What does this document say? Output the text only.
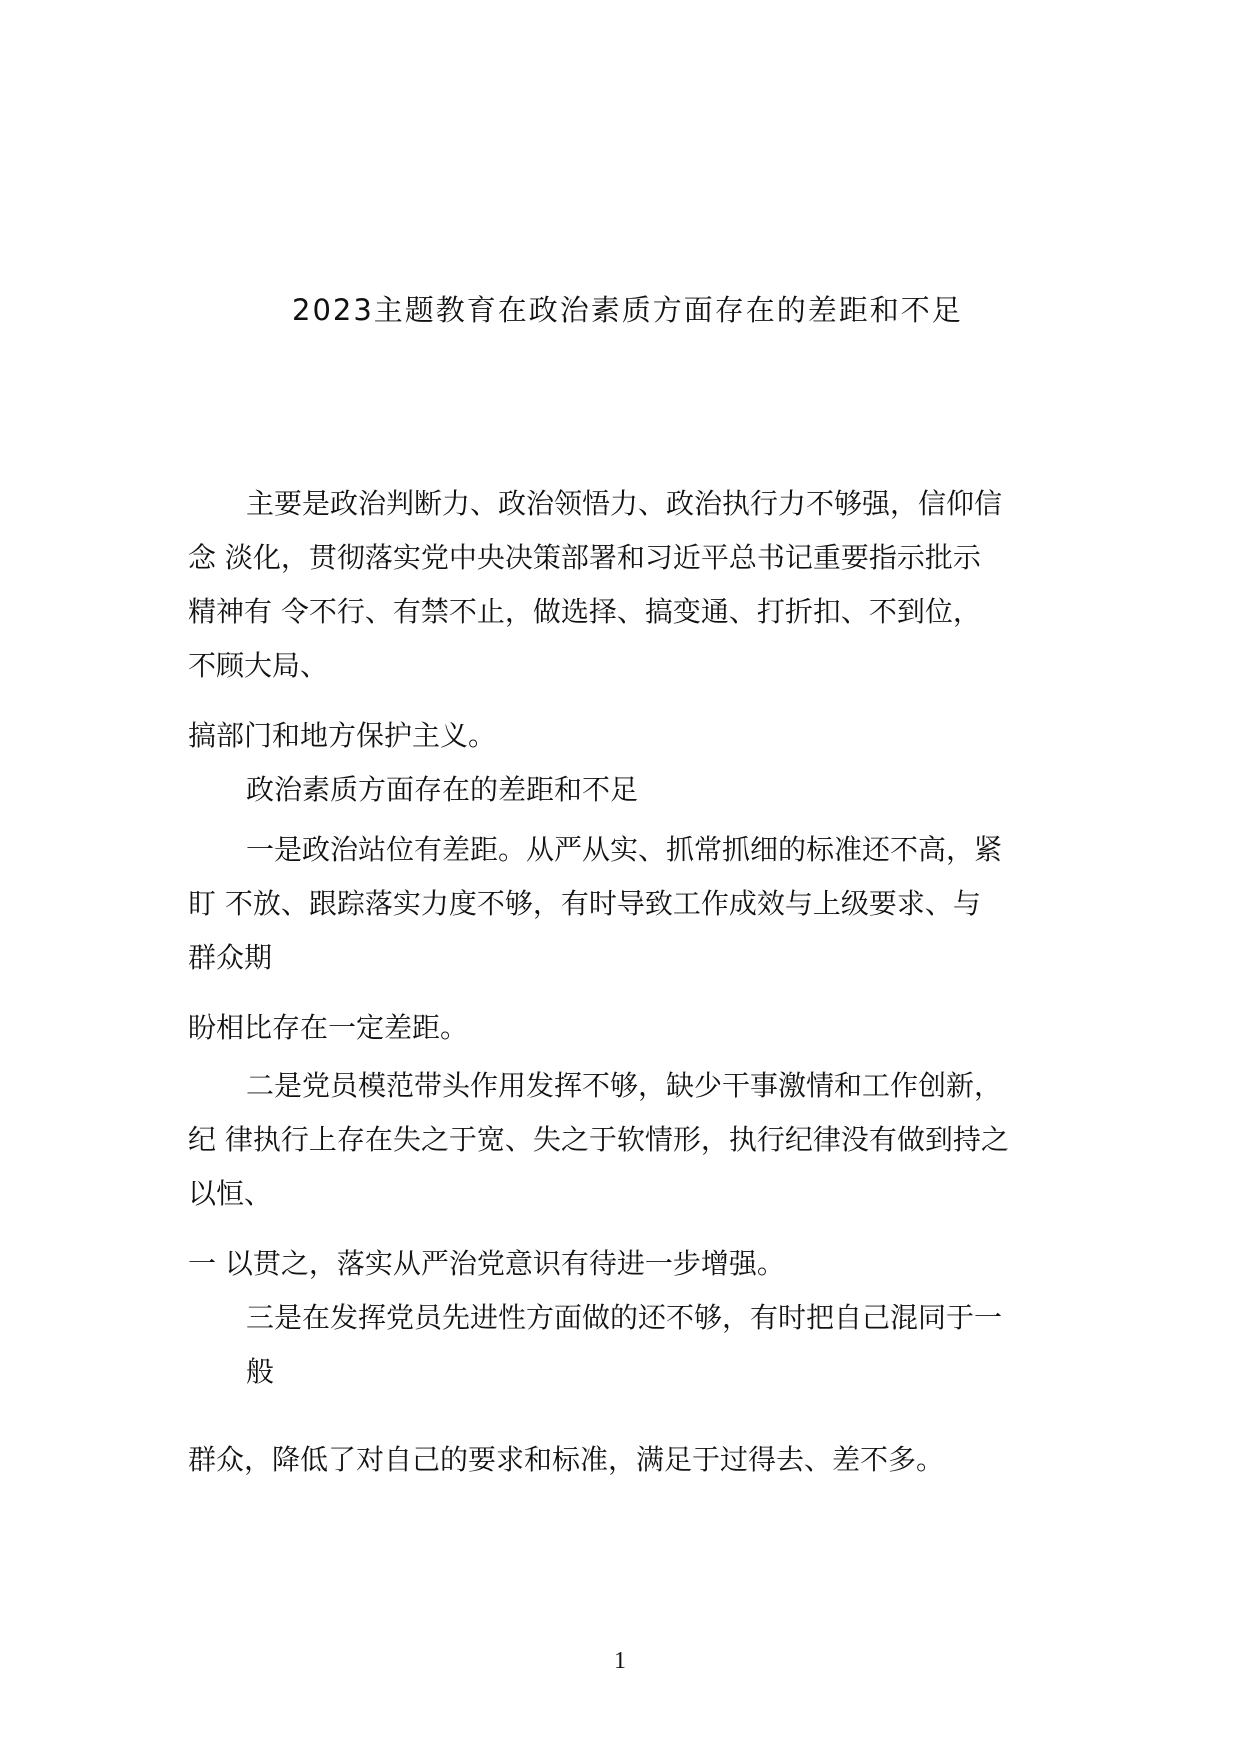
2023主题教育在政治素质方面存在的差距和不足
主要是政治判断力、政治领悟力、政治执行力不够强，信仰信
念 淡化，贯彻落实党中央决策部署和习近平总书记重要指示批示
精神有 令不行、有禁不止，做选择、搞变通、打折扣、不到位，
不顾大局、
搞部门和地方保护主义。
政治素质方面存在的差距和不足
一是政治站位有差距。从严从实、抓常抓细的标准还不高，紧
盯 不放、跟踪落实力度不够，有时导致工作成效与上级要求、与
群众期
盼相比存在一定差距。
二是党员模范带头作用发挥不够，缺少干事激情和工作创新，
纪 律执行上存在失之于宽、失之于软情形，执行纪律没有做到持之
以恒、
一 以贯之，落实从严治党意识有待进一步增强。
三是在发挥党员先进性方面做的还不够，有时把自己混同于一
般
群众，降低了对自己的要求和标准，满足于过得去、差不多。
1
